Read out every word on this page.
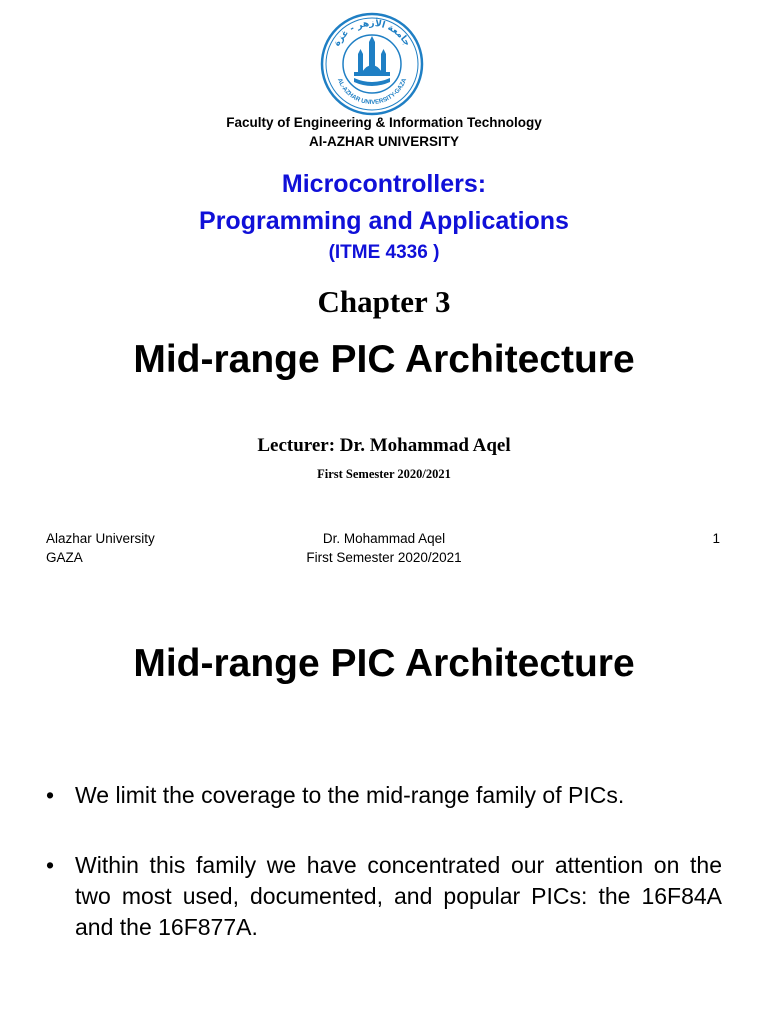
جامعة الأزهر - غزة
AL-AZHAR UNIVERSITY-GAZA
Faculty of Engineering & Information Technology
Al-AZHAR UNIVERSITY
Microcontrollers:
Programming and Applications
(ITME 4336 )
Chapter 3
Mid-range PIC Architecture
Lecturer: Dr. Mohammad Aqel
First Semester 2020/2021
Alazhar University
GAZA
Dr. Mohammad Aqel
First Semester 2020/2021
1
Mid-range PIC Architecture
• We limit the coverage to the mid-range family of PICs.
• Within this family we have concentrated our attention on the two most used, documented, and popular PICs: the 16F84A and the 16F877A.
